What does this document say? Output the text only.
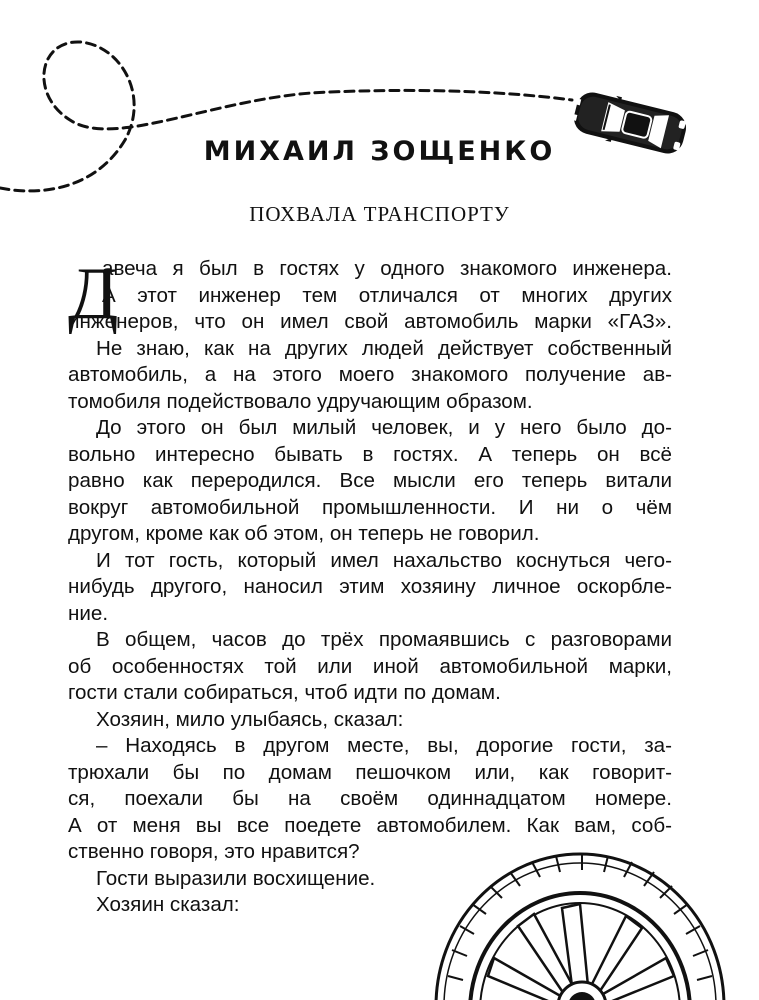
МИХАИЛ ЗОЩЕНКО
ПОХВАЛА ТРАНСПОРТУ
Д
авеча я был в гостях у одного знакомого инженера.
А этот инженер тем отличался от многих других
инженеров, что он имел свой автомобиль марки «ГАЗ».
Не знаю, как на других людей действует собственный
автомобиль, а на этого моего знакомого получение ав-
томобиля подействовало удручающим образом.
До этого он был милый человек, и у него было до-
вольно интересно бывать в гостях. А теперь он всё
равно как переродился. Все мысли его теперь витали
вокруг автомобильной промышленности. И ни о чём
другом, кроме как об этом, он теперь не говорил.
И тот гость, который имел нахальство коснуться чего-
нибудь другого, наносил этим хозяину личное оскорбле-
ние.
В общем, часов до трёх промаявшись с разговорами
об особенностях той или иной автомобильной марки,
гости стали собираться, чтоб идти по домам.
Хозяин, мило улыбаясь, сказал:
– Находясь в другом месте, вы, дорогие гости, за-
трюхали бы по домам пешочком или, как говорит-
ся, поехали бы на своём одиннадцатом номере.
А от меня вы все поедете автомобилем. Как вам, соб-
ственно говоря, это нравится?
Гости выразили восхищение.
Хозяин сказал:
